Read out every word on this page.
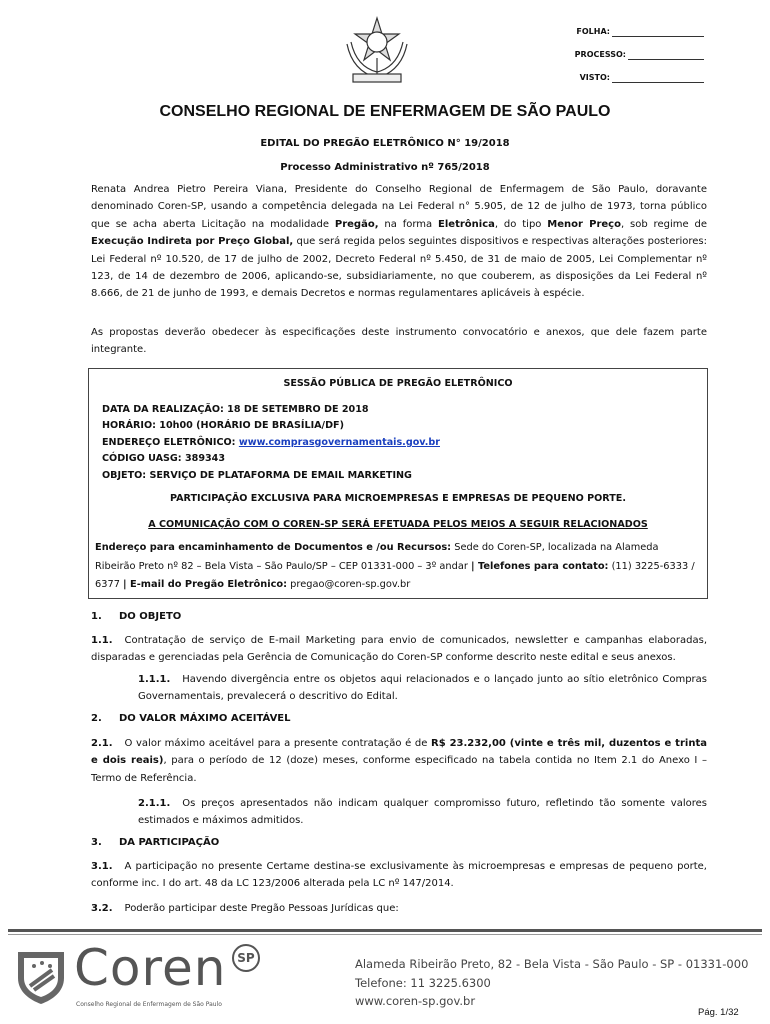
FOLHA:
PROCESSO:
VISTO:
CONSELHO REGIONAL DE ENFERMAGEM DE SÃO PAULO
EDITAL DO PREGÃO ELETRÔNICO N° 19/2018
Processo Administrativo nº 765/2018
Renata Andrea Pietro Pereira Viana, Presidente do Conselho Regional de Enfermagem de São Paulo, doravante denominado Coren-SP, usando a competência delegada na Lei Federal n° 5.905, de 12 de julho de 1973, torna público que se acha aberta Licitação na modalidade Pregão, na forma Eletrônica, do tipo Menor Preço, sob regime de Execução Indireta por Preço Global, que será regida pelos seguintes dispositivos e respectivas alterações posteriores: Lei Federal nº 10.520, de 17 de julho de 2002, Decreto Federal nº 5.450, de 31 de maio de 2005, Lei Complementar nº 123, de 14 de dezembro de 2006, aplicando-se, subsidiariamente, no que couberem, as disposições da Lei Federal nº 8.666, de 21 de junho de 1993, e demais Decretos e normas regulamentares aplicáveis à espécie.
As propostas deverão obedecer às especificações deste instrumento convocatório e anexos, que dele fazem parte integrante.
SESSÃO PÚBLICA DE PREGÃO ELETRÔNICO
DATA DA REALIZAÇÃO: 18 DE SETEMBRO DE 2018
HORÁRIO: 10h00 (HORÁRIO DE BRASÍLIA/DF)
ENDEREÇO ELETRÔNICO: www.comprasgovernamentais.gov.br
CÓDIGO UASG: 389343
OBJETO: SERVIÇO DE PLATAFORMA DE EMAIL MARKETING
PARTICIPAÇÃO EXCLUSIVA PARA MICROEMPRESAS E EMPRESAS DE PEQUENO PORTE.
A COMUNICAÇÃO COM O COREN-SP SERÁ EFETUADA PELOS MEIOS A SEGUIR RELACIONADOS
Endereço para encaminhamento de Documentos e /ou Recursos: Sede do Coren-SP, localizada na Alameda Ribeirão Preto nº 82 – Bela Vista – São Paulo/SP – CEP 01331-000 – 3º andar | Telefones para contato: (11) 3225-6333 / 6377 | E-mail do Pregão Eletrônico: pregao@coren-sp.gov.br
1. DO OBJETO
1.1. Contratação de serviço de E-mail Marketing para envio de comunicados, newsletter e campanhas elaboradas, disparadas e gerenciadas pela Gerência de Comunicação do Coren-SP conforme descrito neste edital e seus anexos.
1.1.1. Havendo divergência entre os objetos aqui relacionados e o lançado junto ao sítio eletrônico Compras Governamentais, prevalecerá o descritivo do Edital.
2. DO VALOR MÁXIMO ACEITÁVEL
2.1. O valor máximo aceitável para a presente contratação é de R$ 23.232,00 (vinte e três mil, duzentos e trinta e dois reais), para o período de 12 (doze) meses, conforme especificado na tabela contida no Item 2.1 do Anexo I – Termo de Referência.
2.1.1. Os preços apresentados não indicam qualquer compromisso futuro, refletindo tão somente valores estimados e máximos admitidos.
3. DA PARTICIPAÇÃO
3.1. A participação no presente Certame destina-se exclusivamente às microempresas e empresas de pequeno porte, conforme inc. I do art. 48 da LC 123/2006 alterada pela LC nº 147/2014.
3.2. Poderão participar deste Pregão Pessoas Jurídicas que:
Coren SP
Conselho Regional de Enfermagem de São Paulo
Alameda Ribeirão Preto, 82 - Bela Vista - São Paulo - SP - 01331-000
Telefone: 11 3225.6300
www.coren-sp.gov.br
Pág. 1/32
